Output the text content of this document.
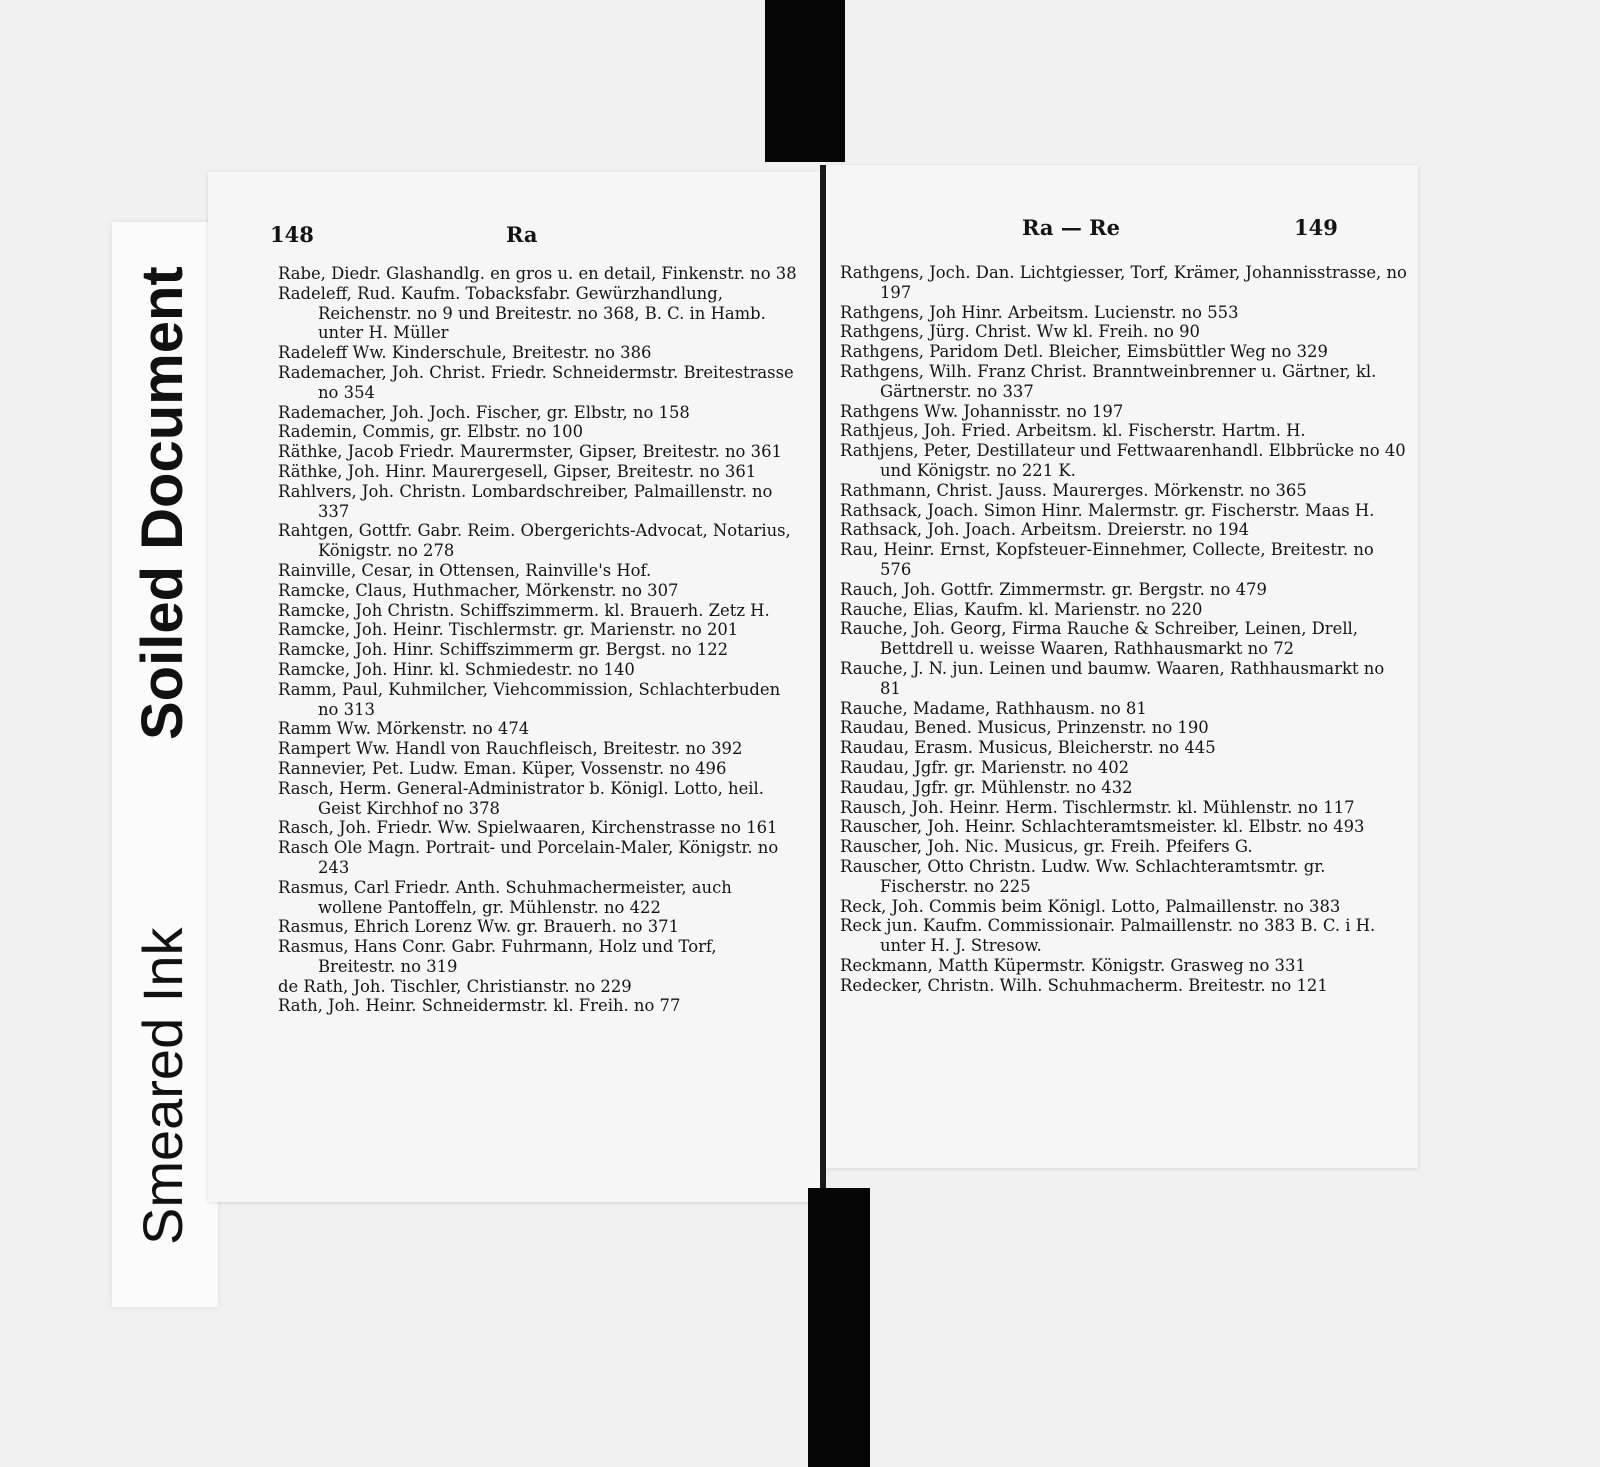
Soiled Document
Smeared Ink
148	Ra

Rabe, Diedr. Glashandlg. en gros u. en detail, Finkenstr. no 38

Radeleff, Rud. Kaufm. Tobacksfabr. Gewürzhandlung, Reichenstr. no 9 und Breitestr. no 368, B. C. in Hamb. unter H. Müller

Radeleff Ww. Kinderschule, Breitestr. no 386

Rademacher, Joh. Christ. Friedr. Schneidermstr. Breitestrasse no 354

Rademacher, Joh. Joch. Fischer, gr. Elbstr, no 158

Rademin, Commis, gr. Elbstr. no 100

Räthke, Jacob Friedr. Maurermster, Gipser, Breitestr. no 361

Räthke, Joh. Hinr. Maurergesell, Gipser, Breitestr. no 361

Rahlvers, Joh. Christn. Lombardschreiber, Palmaillenstr. no 337

Rahtgen, Gottfr. Gabr. Reim. Obergerichts-Advocat, Notarius, Königstr. no 278

Rainville, Cesar, in Ottensen, Rainville's Hof.

Ramcke, Claus, Huthmacher, Mörkenstr. no 307

Ramcke, Joh Christn. Schiffszimmerm. kl. Brauerh. Zetz H.

Ramcke, Joh. Heinr. Tischlermstr. gr. Marienstr. no 201

Ramcke, Joh. Hinr. Schiffszimmerm gr. Bergst. no 122

Ramcke, Joh. Hinr. kl. Schmiedestr. no 140

Ramm, Paul, Kuhmilcher, Viehcommission, Schlachterbuden no 313

Ramm Ww. Mörkenstr. no 474

Rampert Ww. Handl von Rauchfleisch, Breitestr. no 392

Rannevier, Pet. Ludw. Eman. Küper, Vossenstr. no 496

Rasch, Herm. General-Administrator b. Königl. Lotto, heil. Geist Kirchhof no 378

Rasch, Joh. Friedr. Ww. Spielwaaren, Kirchenstrasse no 161

Rasch Ole Magn. Portrait- und Porcelain-Maler, Königstr. no 243

Rasmus, Carl Friedr. Anth. Schuhmachermeister, auch wollene Pantoffeln, gr. Mühlenstr. no 422

Rasmus, Ehrich Lorenz Ww. gr. Brauerh. no 371

Rasmus, Hans Conr. Gabr. Fuhrmann, Holz und Torf, Breitestr. no 319

de Rath, Joh. Tischler, Christianstr. no 229

Rath, Joh. Heinr. Schneidermstr. kl. Freih. no 77

Ra — Re	149

Rathgens, Joch. Dan. Lichtgiesser, Torf, Krämer, Johannisstrasse, no 197

Rathgens, Joh Hinr. Arbeitsm. Lucienstr. no 553

Rathgens, Jürg. Christ. Ww kl. Freih. no 90

Rathgens, Paridom Detl. Bleicher, Eimsbüttler Weg no 329

Rathgens, Wilh. Franz Christ. Branntweinbrenner u. Gärtner, kl. Gärtnerstr. no 337

Rathgens Ww. Johannisstr. no 197

Rathjeus, Joh. Fried. Arbeitsm. kl. Fischerstr. Hartm. H.

Rathjens, Peter, Destillateur und Fettwaarenhandl. Elbbrücke no 40 und Königstr. no 221 K.

Rathmann, Christ. Jauss. Maurerges. Mörkenstr. no 365

Rathsack, Joach. Simon Hinr. Malermstr. gr. Fischerstr. Maas H.

Rathsack, Joh. Joach. Arbeitsm. Dreierstr. no 194

Rau, Heinr. Ernst, Kopfsteuer-Einnehmer, Collecte, Breitestr. no 576

Rauch, Joh. Gottfr. Zimmermstr. gr. Bergstr. no 479

Rauche, Elias, Kaufm. kl. Marienstr. no 220

Rauche, Joh. Georg, Firma Rauche & Schreiber, Leinen, Drell, Bettdrell u. weisse Waaren, Rathhausmarkt no 72

Rauche, J. N. jun. Leinen und baumw. Waaren, Rathhausmarkt no 81

Rauche, Madame, Rathhausm. no 81

Raudau, Bened. Musicus, Prinzenstr. no 190

Raudau, Erasm. Musicus, Bleicherstr. no 445

Raudau, Jgfr. gr. Marienstr. no 402

Raudau, Jgfr. gr. Mühlenstr. no 432

Rausch, Joh. Heinr. Herm. Tischlermstr. kl. Mühlenstr. no 117

Rauscher, Joh. Heinr. Schlachteramtsmeister. kl. Elbstr. no 493

Rauscher, Joh. Nic. Musicus, gr. Freih. Pfeifers G.

Rauscher, Otto Christn. Ludw. Ww. Schlachteramtsmtr. gr. Fischerstr. no 225

Reck, Joh. Commis beim Königl. Lotto, Palmaillenstr. no 383

Reck jun. Kaufm. Commissionair. Palmaillenstr. no 383 B. C. i H. unter H. J. Stresow.

Reckmann, Matth Küpermstr. Königstr. Grasweg no 331

Redecker, Christn. Wilh. Schuhmacherm. Breitestr. no 121
